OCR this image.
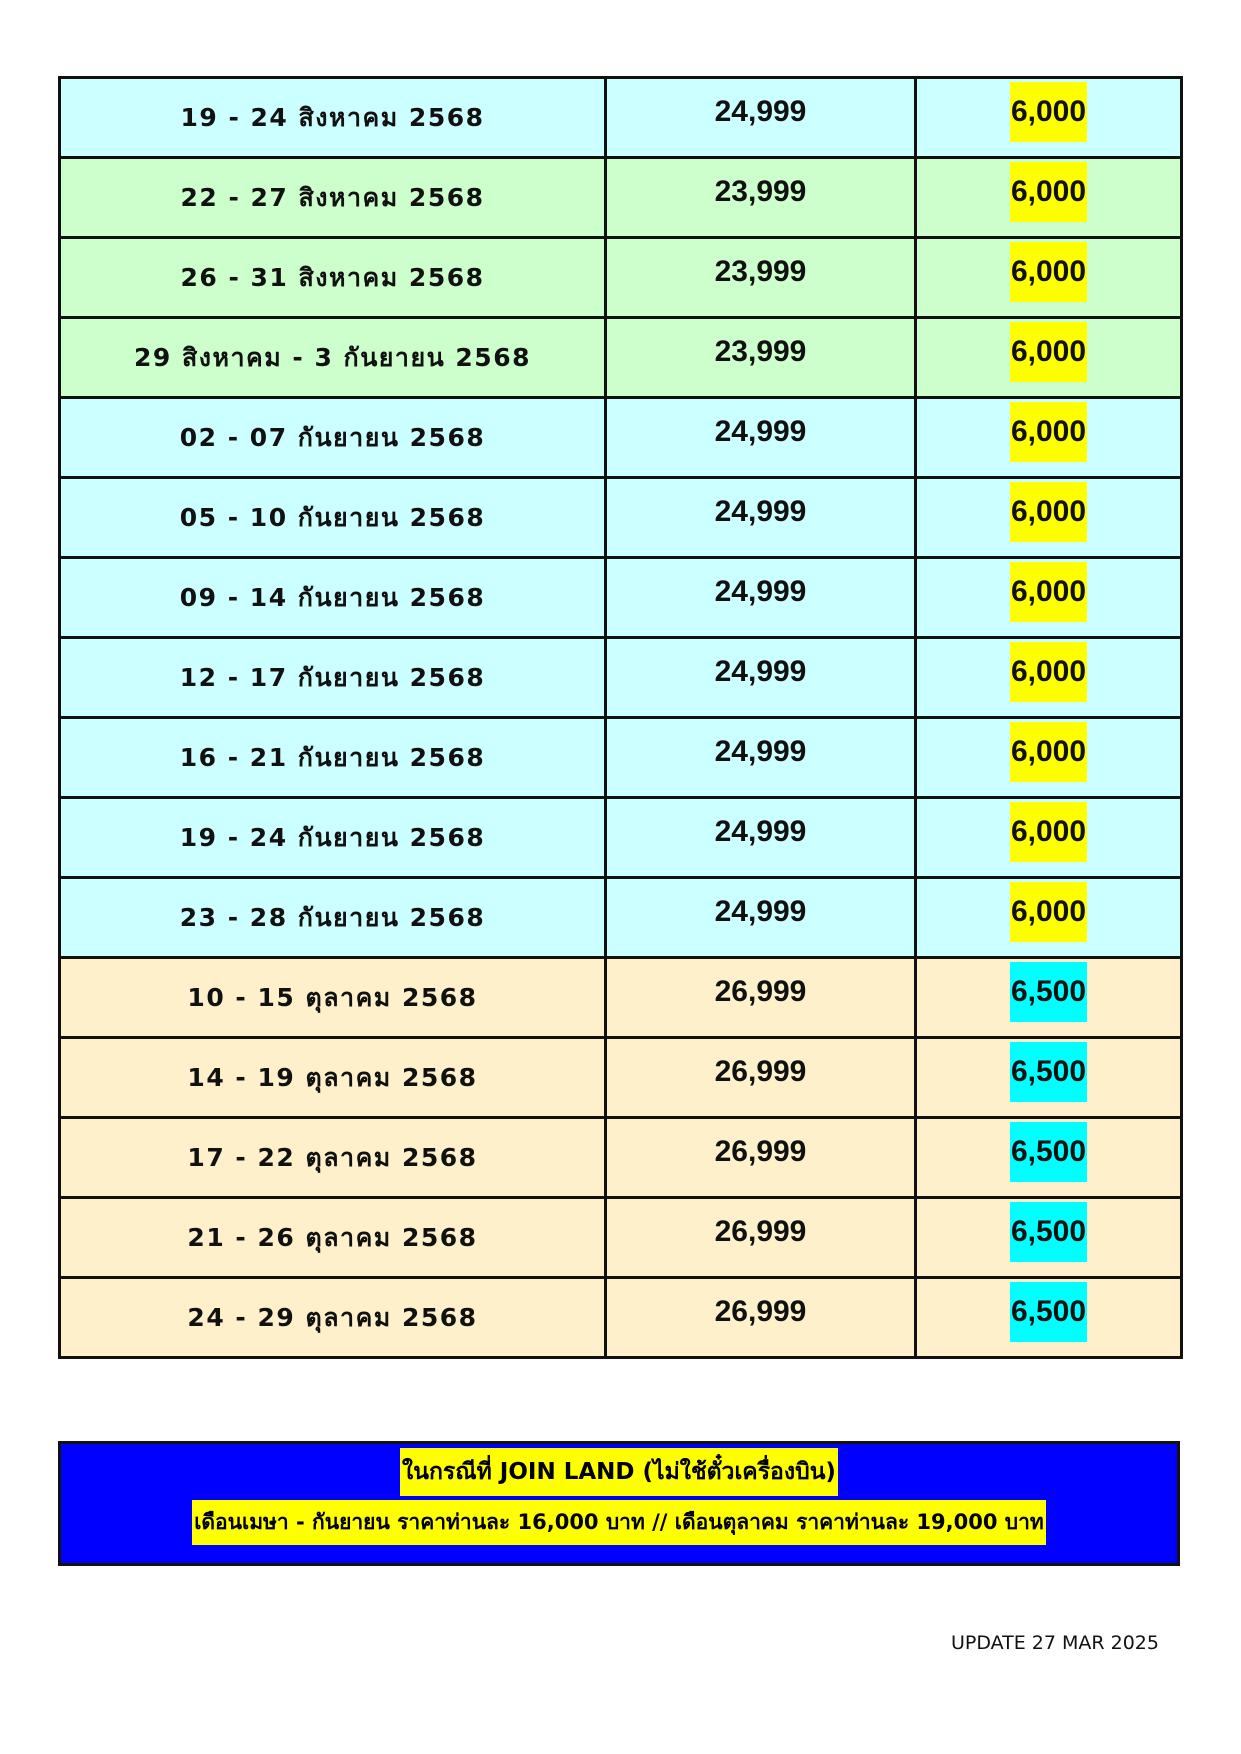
19 - 24 สิงหาคม 2568	24,999	6,000
22 - 27 สิงหาคม 2568	23,999	6,000
26 - 31 สิงหาคม 2568	23,999	6,000
29 สิงหาคม - 3 กันยายน 2568	23,999	6,000
02 - 07 กันยายน 2568	24,999	6,000
05 - 10 กันยายน 2568	24,999	6,000
09 - 14 กันยายน 2568	24,999	6,000
12 - 17 กันยายน 2568	24,999	6,000
16 - 21 กันยายน 2568	24,999	6,000
19 - 24 กันยายน 2568	24,999	6,000
23 - 28 กันยายน 2568	24,999	6,000
10 - 15 ตุลาคม 2568	26,999	6,500
14 - 19 ตุลาคม 2568	26,999	6,500
17 - 22 ตุลาคม 2568	26,999	6,500
21 - 26 ตุลาคม 2568	26,999	6,500
24 - 29 ตุลาคม 2568	26,999	6,500
ในกรณีที่ JOIN LAND (ไม่ใช้ตั๋วเครื่องบิน)
เดือนเมษา - กันยายน ราคาท่านละ 16,000 บาท // เดือนตุลาคม ราคาท่านละ 19,000 บาท
UPDATE 27 MAR 2025
